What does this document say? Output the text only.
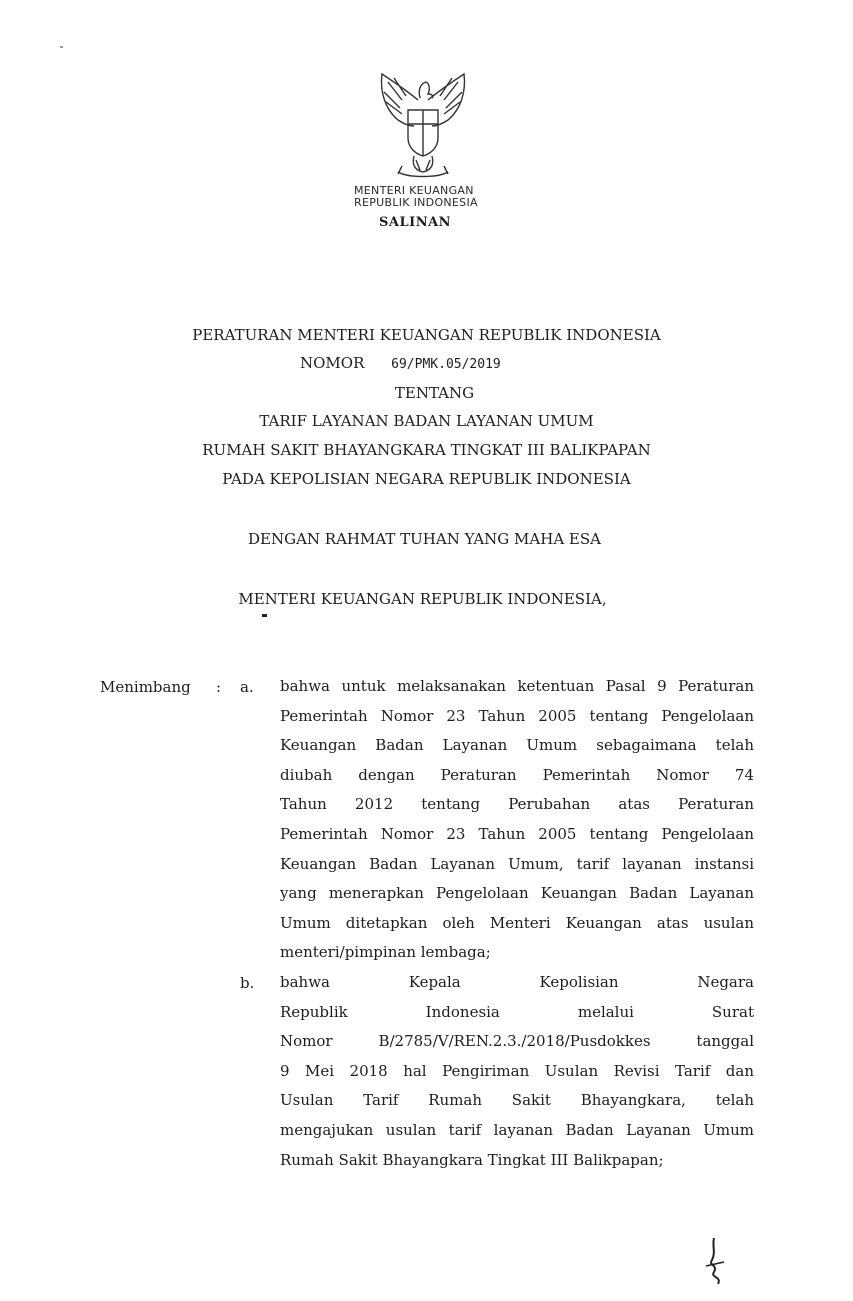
MENTERI KEUANGAN
REPUBLIK INDONESIA
SALINAN
PERATURAN MENTERI KEUANGAN REPUBLIK INDONESIA
NOMOR 69/PMK.05/2019
TENTANG
TARIF LAYANAN BADAN LAYANAN UMUM
RUMAH SAKIT BHAYANGKARA TINGKAT III BALIKPAPAN
PADA KEPOLISIAN NEGARA REPUBLIK INDONESIA
DENGAN RAHMAT TUHAN YANG MAHA ESA
MENTERI KEUANGAN REPUBLIK INDONESIA,
Menimbang : a. bahwa untuk melaksanakan ketentuan Pasal 9 Peraturan
Pemerintah Nomor 23 Tahun 2005 tentang Pengelolaan
Keuangan Badan Layanan Umum sebagaimana telah
diubah dengan Peraturan Pemerintah Nomor 74
Tahun 2012 tentang Perubahan atas Peraturan
Pemerintah Nomor 23 Tahun 2005 tentang Pengelolaan
Keuangan Badan Layanan Umum, tarif layanan instansi
yang menerapkan Pengelolaan Keuangan Badan Layanan
Umum ditetapkan oleh Menteri Keuangan atas usulan
menteri/pimpinan lembaga;
b. bahwa Kepala Kepolisian Negara
Republik Indonesia melalui Surat
Nomor B/2785/V/REN.2.3./2018/Pusdokkes tanggal
9 Mei 2018 hal Pengiriman Usulan Revisi Tarif dan
Usulan Tarif Rumah Sakit Bhayangkara, telah
mengajukan usulan tarif layanan Badan Layanan Umum
Rumah Sakit Bhayangkara Tingkat III Balikpapan;
